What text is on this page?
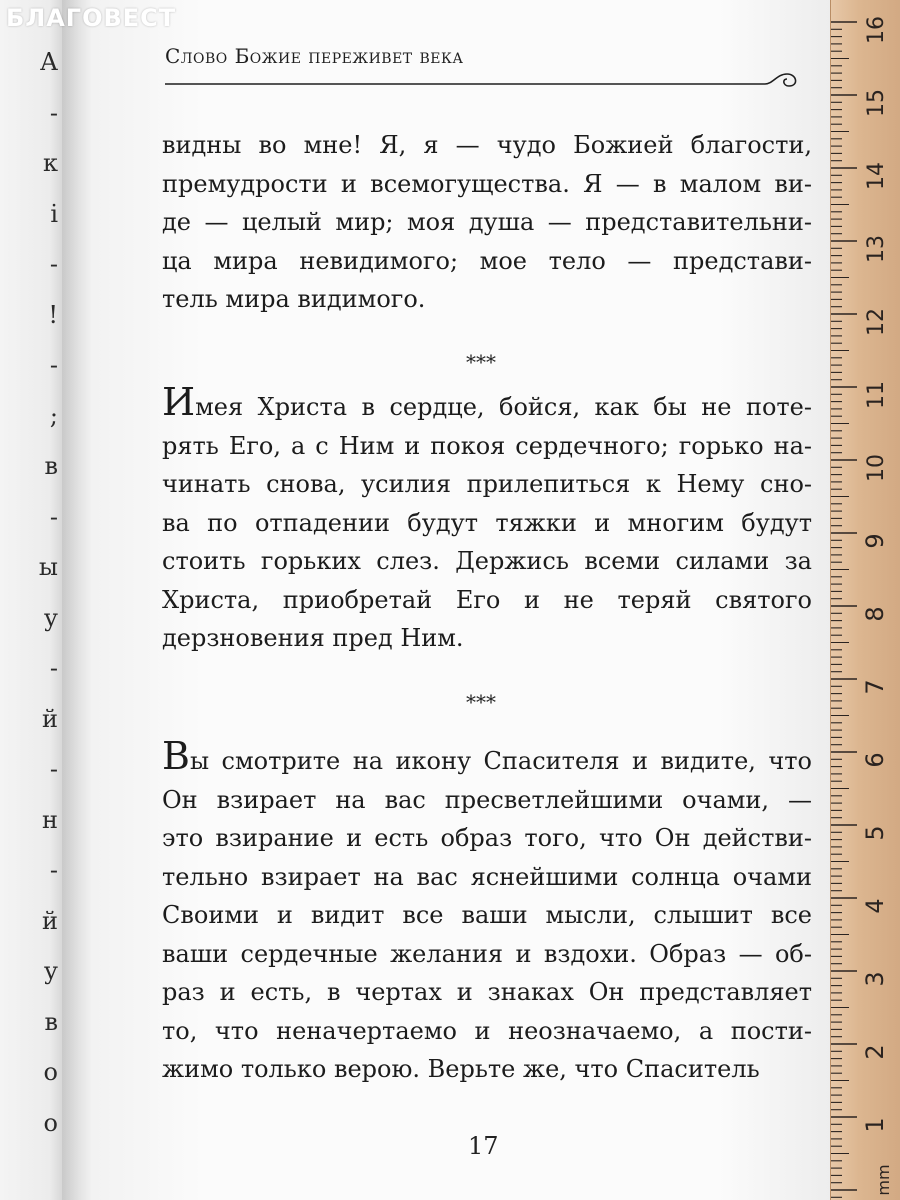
А
-
к
і
-
!
-
;
в
-
ы
у
-
й
-
н
-
й
у
в
о
о
БЛАГОВЕСТ
Слово Божие переживет века
видны во мне! Я, я — чудо Божией благости,
премудрости и всемогущества. Я — в малом ви-
де — целый мир; моя душа — представительни-
ца мира невидимого; мое тело — представи-
тель мира видимого.
***
Имея Христа в сердце, бойся, как бы не поте-
рять Его, а с Ним и покоя сердечного; горько на-
чинать снова, усилия прилепиться к Нему сно-
ва по отпадении будут тяжки и многим будут
стоить горьких слез. Держись всеми силами за
Христа, приобретай Его и не теряй святого
дерзновения пред Ним.
***
Вы смотрите на икону Спасителя и видите, что
Он взирает на вас пресветлейшими очами, —
это взирание и есть образ того, что Он действи-
тельно взирает на вас яснейшими солнца очами
Своими и видит все ваши мысли, слышит все
ваши сердечные желания и вздохи. Образ — об-
раз и есть, в чертах и знаках Он представляет
то, что неначертаемо и неозначаемо, а пости-
жимо только верою. Верьте же, что Спаситель
17
16
15
14
13
12
11
10
9
8
7
6
5
4
3
2
1
mm
